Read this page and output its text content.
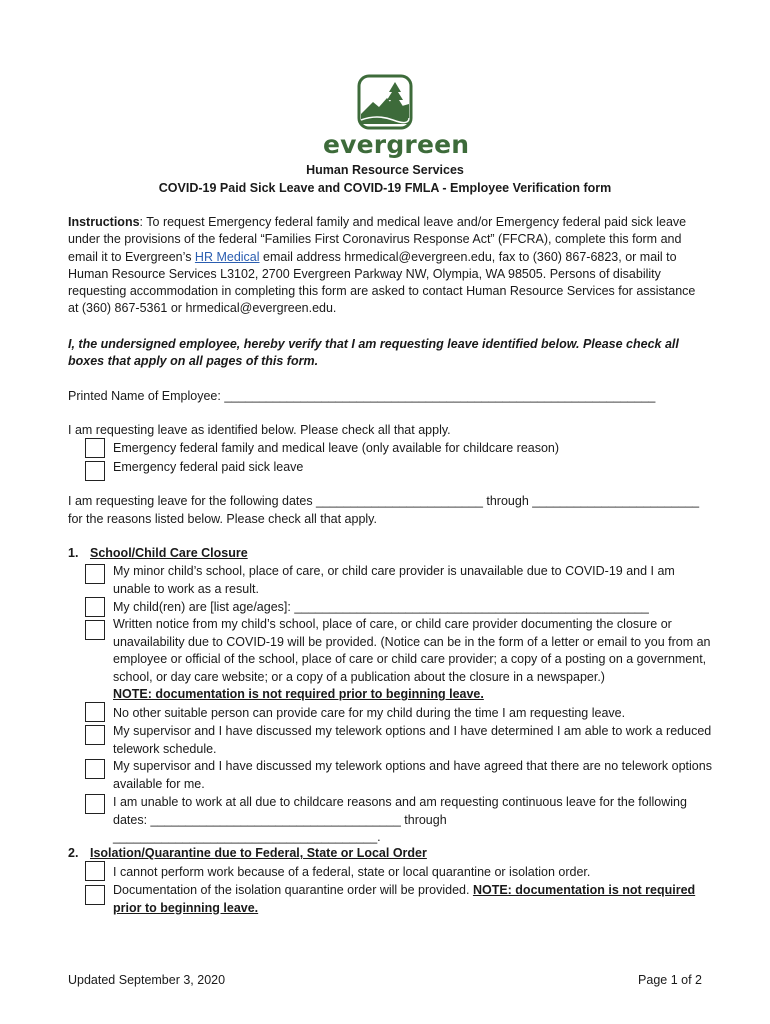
evergreen
Human Resource Services
COVID-19 Paid Sick Leave and COVID-19 FMLA - Employee Verification form
Instructions: To request Emergency federal family and medical leave and/or Emergency federal paid sick leave under the provisions of the federal “Families First Coronavirus Response Act” (FFCRA), complete this form and email it to Evergreen’s HR Medical email address hrmedical@evergreen.edu, fax to (360) 867-6823, or mail to Human Resource Services L3102, 2700 Evergreen Parkway NW, Olympia, WA 98505. Persons of disability requesting accommodation in completing this form are asked to contact Human Resource Services for assistance at (360) 867-5361 or hrmedical@evergreen.edu.
I, the undersigned employee, hereby verify that I am requesting leave identified below. Please check all boxes that apply on all pages of this form.
Printed Name of Employee: ______________________________________________________________
I am requesting leave as identified below. Please check all that apply.
Emergency federal family and medical leave (only available for childcare reason)
Emergency federal paid sick leave
I am requesting leave for the following dates ________________________ through ________________________
for the reasons listed below. Please check all that apply.
1. School/Child Care Closure
My minor child’s school, place of care, or child care provider is unavailable due to COVID-19 and I am unable to work as a result.
My child(ren) are [list age/ages]: ___________________________________________________
Written notice from my child’s school, place of care, or child care provider documenting the closure or unavailability due to COVID-19 will be provided. (Notice can be in the form of a letter or email to you from an employee or official of the school, place of care or child care provider; a copy of a posting on a government, school, or day care website; or a copy of a publication about the closure in a newspaper.)
NOTE: documentation is not required prior to beginning leave.
No other suitable person can provide care for my child during the time I am requesting leave.
My supervisor and I have discussed my telework options and I have determined I am able to work a reduced telework schedule.
My supervisor and I have discussed my telework options and have agreed that there are no telework options available for me.
I am unable to work at all due to childcare reasons and am requesting continuous leave for the following dates: ____________________________________ through ______________________________________.
2. Isolation/Quarantine due to Federal, State or Local Order
I cannot perform work because of a federal, state or local quarantine or isolation order.
Documentation of the isolation quarantine order will be provided. NOTE: documentation is not required prior to beginning leave.
Updated September 3, 2020	Page 1 of 2
